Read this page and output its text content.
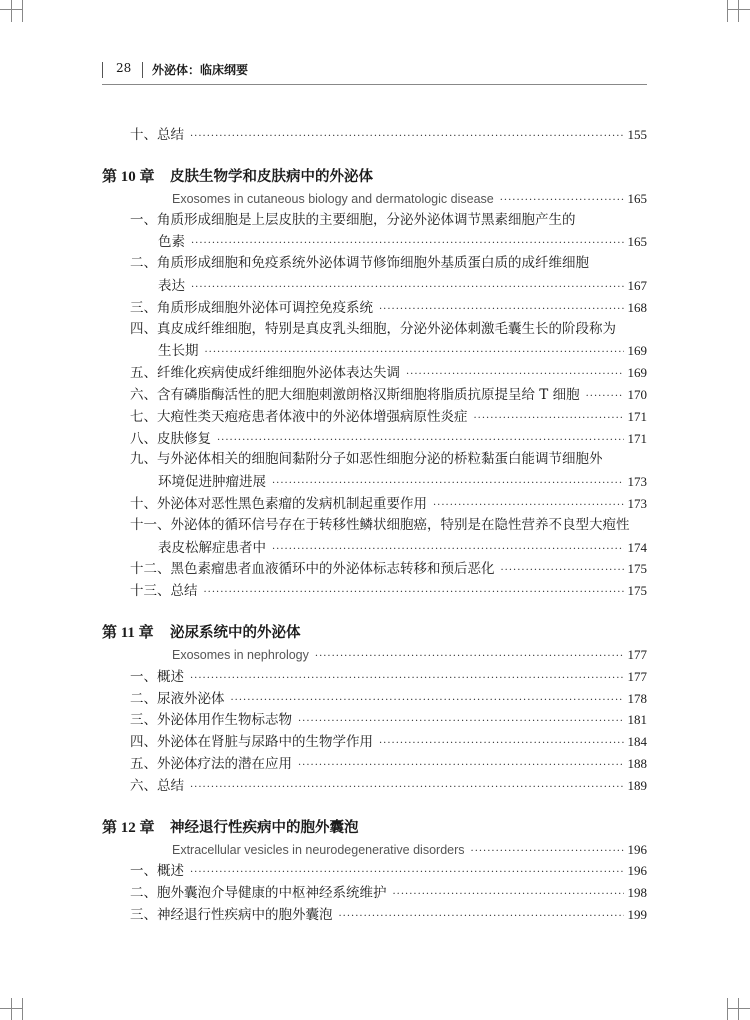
28 外泌体：临床纲要
十、总结 ·····	155
第 10 章 皮肤生物学和皮肤病中的外泌体
Exosomes in cutaneous biology and dermatologic disease ·····	165
一、角质形成细胞是上层皮肤的主要细胞，分泌外泌体调节黑素细胞产生的
色素 ·····	165
二、角质形成细胞和免疫系统外泌体调节修饰细胞外基质蛋白质的成纤维细胞
表达 ·····	167
三、角质形成细胞外泌体可调控免疫系统 ·····	168
四、真皮成纤维细胞，特别是真皮乳头细胞，分泌外泌体刺激毛囊生长的阶段称为
生长期 ·····	169
五、纤维化疾病使成纤维细胞外泌体表达失调 ·····	169
六、含有磷脂酶活性的肥大细胞刺激朗格汉斯细胞将脂质抗原提呈给 T 细胞 ·····	170
七、大疱性类天疱疮患者体液中的外泌体增强病原性炎症 ·····	171
八、皮肤修复 ·····	171
九、与外泌体相关的细胞间黏附分子如恶性细胞分泌的桥粒黏蛋白能调节细胞外
环境促进肿瘤进展 ·····	173
十、外泌体对恶性黑色素瘤的发病机制起重要作用 ·····	173
十一、外泌体的循环信号存在于转移性鳞状细胞癌，特别是在隐性营养不良型大疱性
表皮松解症患者中 ·····	174
十二、黑色素瘤患者血液循环中的外泌体标志转移和预后恶化 ·····	175
十三、总结 ·····	175
第 11 章 泌尿系统中的外泌体
Exosomes in nephrology ·····	177
一、概述 ·····	177
二、尿液外泌体 ·····	178
三、外泌体用作生物标志物 ·····	181
四、外泌体在肾脏与尿路中的生物学作用 ·····	184
五、外泌体疗法的潜在应用 ·····	188
六、总结 ·····	189
第 12 章 神经退行性疾病中的胞外囊泡
Extracellular vesicles in neurodegenerative disorders ·····	196
一、概述 ·····	196
二、胞外囊泡介导健康的中枢神经系统维护 ·····	198
三、神经退行性疾病中的胞外囊泡 ·····	199
